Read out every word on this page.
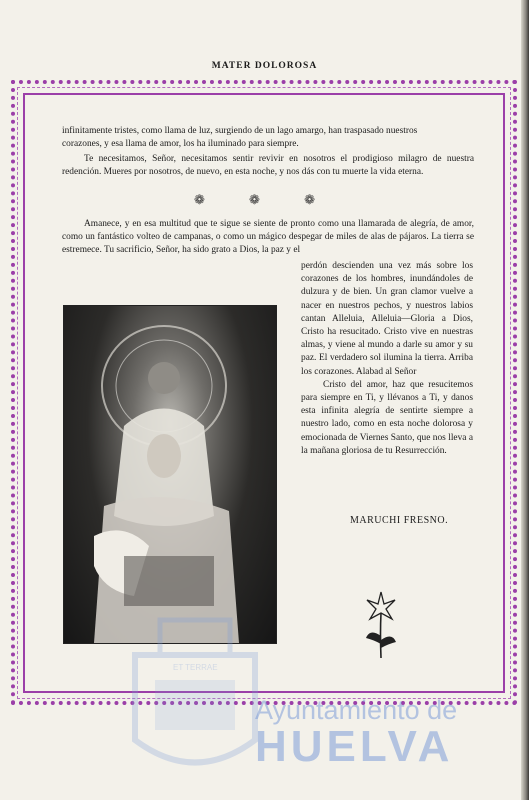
MATER DOLOROSA

infinitamente tristes, como llama de luz, surgiendo de un lago amargo, han traspasado nuestros

corazones, y esa llama de amor, los ha iluminado para siempre.

Te necesitamos, Señor, necesitamos sentir revivir en nosotros el prodigioso milagro de nuestra redención. Mueres por nosotros, de nuevo, en esta noche, y nos dás con tu muerte la vida eterna.

❁ ❁ ❁

Amanece, y en esa multitud que te sigue se siente de pronto como una llamarada de alegría, de amor, como un fantástico volteo de campanas, o como un mágico despegar de miles de alas de pájaros. La tierra se estremece. Tu sacrificio, Señor, ha sido grato a Dios, la paz y el

perdón descienden una vez más sobre los corazones de los hombres, inundándoles de dulzura y de bien. Un gran clamor vuelve a nacer en nuestros pechos, y nuestros labios cantan Alleluia, Alleluia—Gloria a Dios, Cristo ha resucitado. Cristo vive en nuestras almas, y viene al mundo a darle su amor y su paz. El verdadero sol ilumina la tierra. Arriba los corazones. Alabad al Señor

Cristo del amor, haz que resucitemos para siempre en Ti, y llévanos a Ti, y danos esta infinita alegría de sentirte siempre a nuestro lado, como en esta noche dolorosa y emocionada de Viernes Santo, que nos lleva a la mañana gloriosa de tu Resurrección.

MARUCHI FRESNO.
ET TERRAE
Ayuntamiento de
HUELVA
